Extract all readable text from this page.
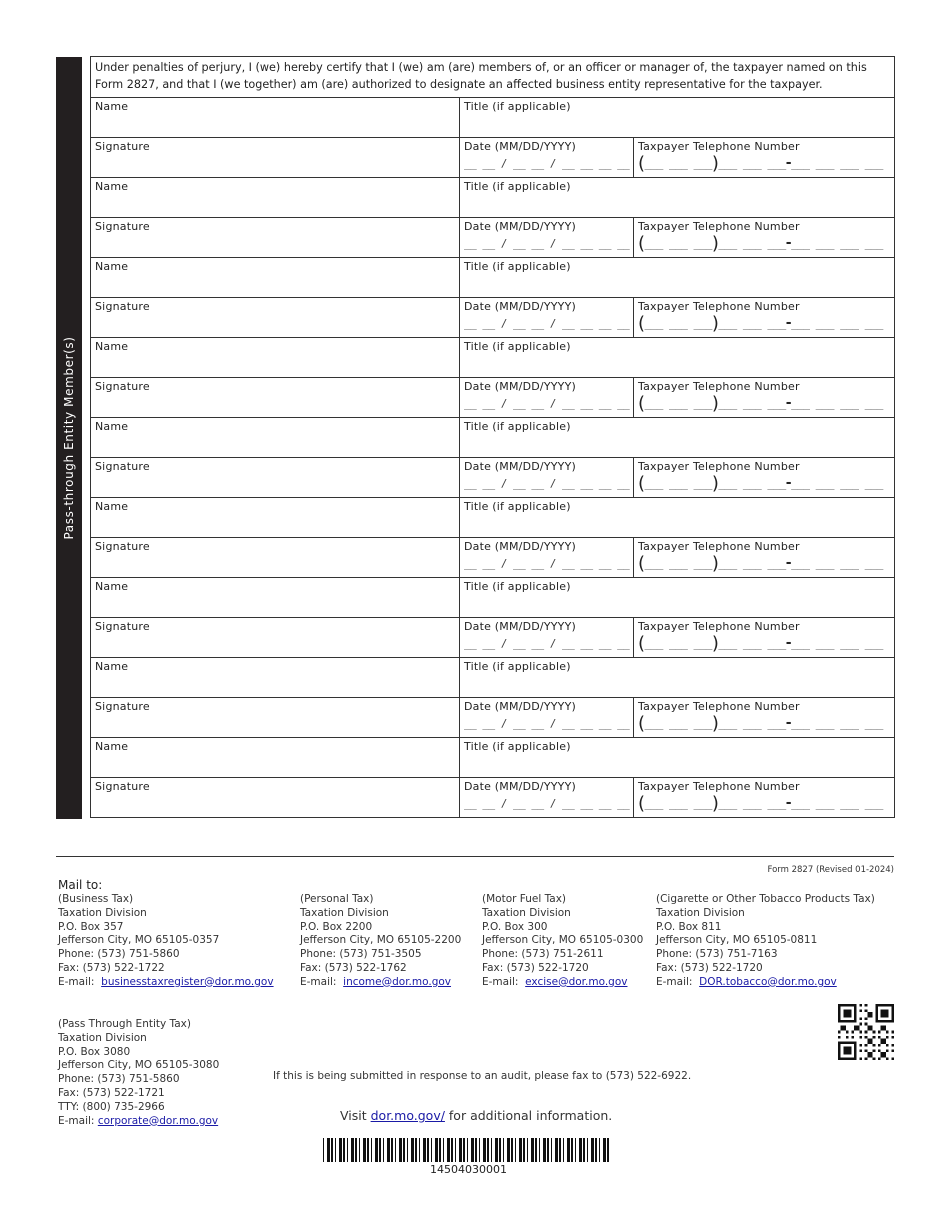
Pass-through Entity Member(s)
Under penalties of perjury, I (we) hereby certify that I (we) am (are) members of, or an officer or manager of, the taxpayer named on this Form 2827, and that I (we together) am (are) authorized to designate an affected business entity representative for the taxpayer.		

Name	Title (if applicable)	

Signature	Date (MM/DD/YYYY)
__ __ / __ __ / __ __ __ __	Taxpayer Telephone Number
(___ ___ ___)___ ___ ___-___ ___ ___ ___

Name	Title (if applicable)	

Signature	Date (MM/DD/YYYY)
__ __ / __ __ / __ __ __ __	Taxpayer Telephone Number
(___ ___ ___)___ ___ ___-___ ___ ___ ___

Name	Title (if applicable)	

Signature	Date (MM/DD/YYYY)
__ __ / __ __ / __ __ __ __	Taxpayer Telephone Number
(___ ___ ___)___ ___ ___-___ ___ ___ ___

Name	Title (if applicable)	

Signature	Date (MM/DD/YYYY)
__ __ / __ __ / __ __ __ __	Taxpayer Telephone Number
(___ ___ ___)___ ___ ___-___ ___ ___ ___

Name	Title (if applicable)	

Signature	Date (MM/DD/YYYY)
__ __ / __ __ / __ __ __ __	Taxpayer Telephone Number
(___ ___ ___)___ ___ ___-___ ___ ___ ___

Name	Title (if applicable)	

Signature	Date (MM/DD/YYYY)
__ __ / __ __ / __ __ __ __	Taxpayer Telephone Number
(___ ___ ___)___ ___ ___-___ ___ ___ ___

Name	Title (if applicable)	

Signature	Date (MM/DD/YYYY)
__ __ / __ __ / __ __ __ __	Taxpayer Telephone Number
(___ ___ ___)___ ___ ___-___ ___ ___ ___

Name	Title (if applicable)	

Signature	Date (MM/DD/YYYY)
__ __ / __ __ / __ __ __ __	Taxpayer Telephone Number
(___ ___ ___)___ ___ ___-___ ___ ___ ___

Name	Title (if applicable)	

Signature	Date (MM/DD/YYYY)
__ __ / __ __ / __ __ __ __	Taxpayer Telephone Number
(___ ___ ___)___ ___ ___-___ ___ ___ ___
Form 2827 (Revised 01-2024)
Mail to:
(Business Tax)
Taxation Division
P.O. Box 357
Jefferson City, MO 65105-0357
Phone: (573) 751-5860
Fax: (573) 522-1722
E-mail: businesstaxregister@dor.mo.gov
(Personal Tax)
Taxation Division
P.O. Box 2200
Jefferson City, MO 65105-2200
Phone: (573) 751-3505
Fax: (573) 522-1762
E-mail: income@dor.mo.gov
(Motor Fuel Tax)
Taxation Division
P.O. Box 300
Jefferson City, MO 65105-0300
Phone: (573) 751-2611
Fax: (573) 522-1720
E-mail: excise@dor.mo.gov
(Cigarette or Other Tobacco Products Tax)
Taxation Division
P.O. Box 811
Jefferson City, MO 65105-0811
Phone: (573) 751-7163
Fax: (573) 522-1720
E-mail: DOR.tobacco@dor.mo.gov
(Pass Through Entity Tax)
Taxation Division
P.O. Box 3080
Jefferson City, MO 65105-3080
Phone: (573) 751-5860
Fax: (573) 522-1721
TTY: (800) 735-2966
E-mail: corporate@dor.mo.gov
If this is being submitted in response to an audit, please fax to (573) 522-6922.
Visit dor.mo.gov/ for additional information.
14504030001
